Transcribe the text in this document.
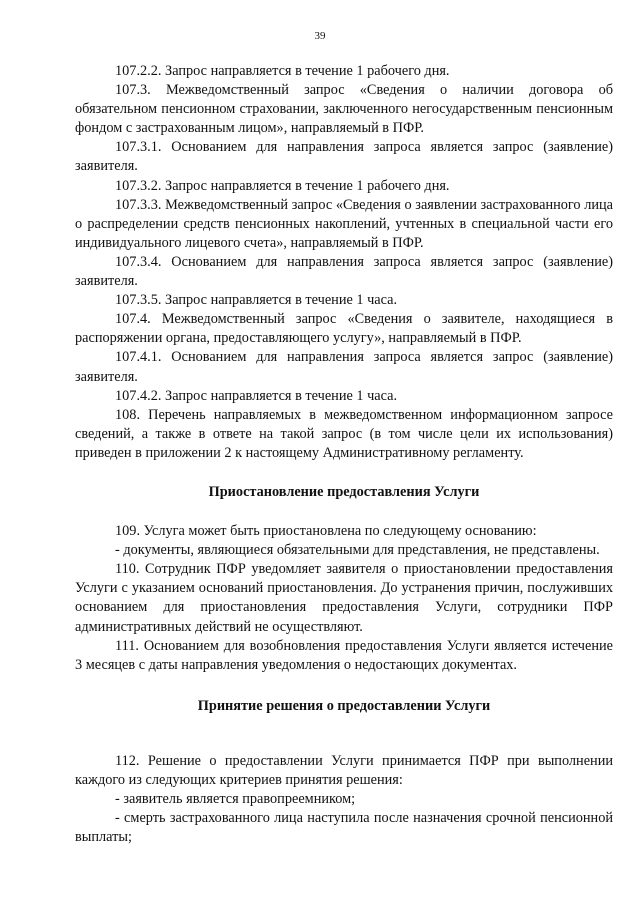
39

107.2.2. Запрос направляется в течение 1 рабочего дня.

107.3. Межведомственный запрос «Сведения о наличии договора об обязательном пенсионном страховании, заключенного негосударственным пенсионным фондом с застрахованным лицом», направляемый в ПФР.

107.3.1. Основанием для направления запроса является запрос (заявление) заявителя.

107.3.2. Запрос направляется в течение 1 рабочего дня.

107.3.3. Межведомственный запрос «Сведения о заявлении застрахованного лица о распределении средств пенсионных накоплений, учтенных в специальной части его индивидуального лицевого счета», направляемый в ПФР.

107.3.4. Основанием для направления запроса является запрос (заявление) заявителя.

107.3.5. Запрос направляется в течение 1 часа.

107.4. Межведомственный запрос «Сведения о заявителе, находящиеся в распоряжении органа, предоставляющего услугу», направляемый в ПФР.

107.4.1. Основанием для направления запроса является запрос (заявление) заявителя.

107.4.2. Запрос направляется в течение 1 часа.

108. Перечень направляемых в межведомственном информационном запросе сведений, а также в ответе на такой запрос (в том числе цели их использования) приведен в приложении 2 к настоящему Административному регламенту.

Приостановление предоставления Услуги

109. Услуга может быть приостановлена по следующему основанию:

- документы, являющиеся обязательными для представления, не представлены.

110. Сотрудник ПФР уведомляет заявителя о приостановлении предоставления Услуги с указанием оснований приостановления. До устранения причин, послуживших основанием для приостановления предоставления Услуги, сотрудники ПФР административных действий не осуществляют.

111. Основанием для возобновления предоставления Услуги является истечение 3 месяцев с даты направления уведомления о недостающих документах.

Принятие решения о предоставлении Услуги

112. Решение о предоставлении Услуги принимается ПФР при выполнении каждого из следующих критериев принятия решения:

- заявитель является правопреемником;

- смерть застрахованного лица наступила после назначения срочной пенсионной выплаты;
